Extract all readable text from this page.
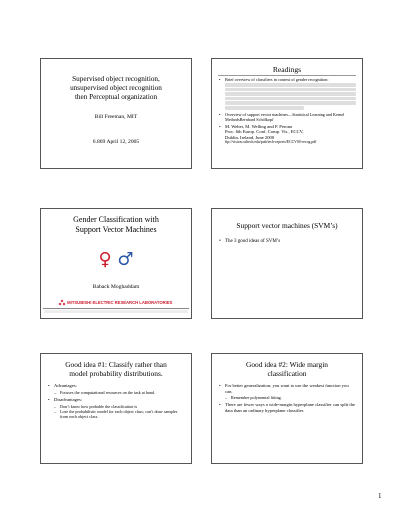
Supervised object recognition,
unsupervised object recognition
then Perceptual organization
Bill Freeman, MIT
6.869 April 12, 2005
Readings
•	Brief overview of classifiers in context of gender recognition:
•	Overview of support vector machines—Statistical Learning and Kernel MethodsBernhard Schölkopf
• M. Weber, M. Welling and P. Perona
Proc. 6th Europ. Conf. Comp. Vis., ECCV,
Dublin, Ireland, June 2000
ftp://vision.caltech.edu/pub/tech-reports/ECCV00-recog.pdf
Gender Classification with
Support Vector Machines
♀ ♂
Baback Moghaddam
MITSUBISHI ELECTRIC RESEARCH LABORATORIES
Support vector machines (SVM’s)
• The 3 good ideas of SVM’s
Good idea #1: Classify rather than
model probability distributions.
• Advantages:
– Focuses the computational resources on the task at hand.
• Disadvantages:
– Don’t know how probable the classification is
– Lose the probabilistic model for each object class; can’t draw samples from each object class.
Good idea #2: Wide margin
classification
• For better generalization, you want to use the weakest function you can.
– Remember polynomial fitting.
• There are fewer ways a wide-margin hyperplane classifier can split the data than an ordinary hyperplane classifier.
1
